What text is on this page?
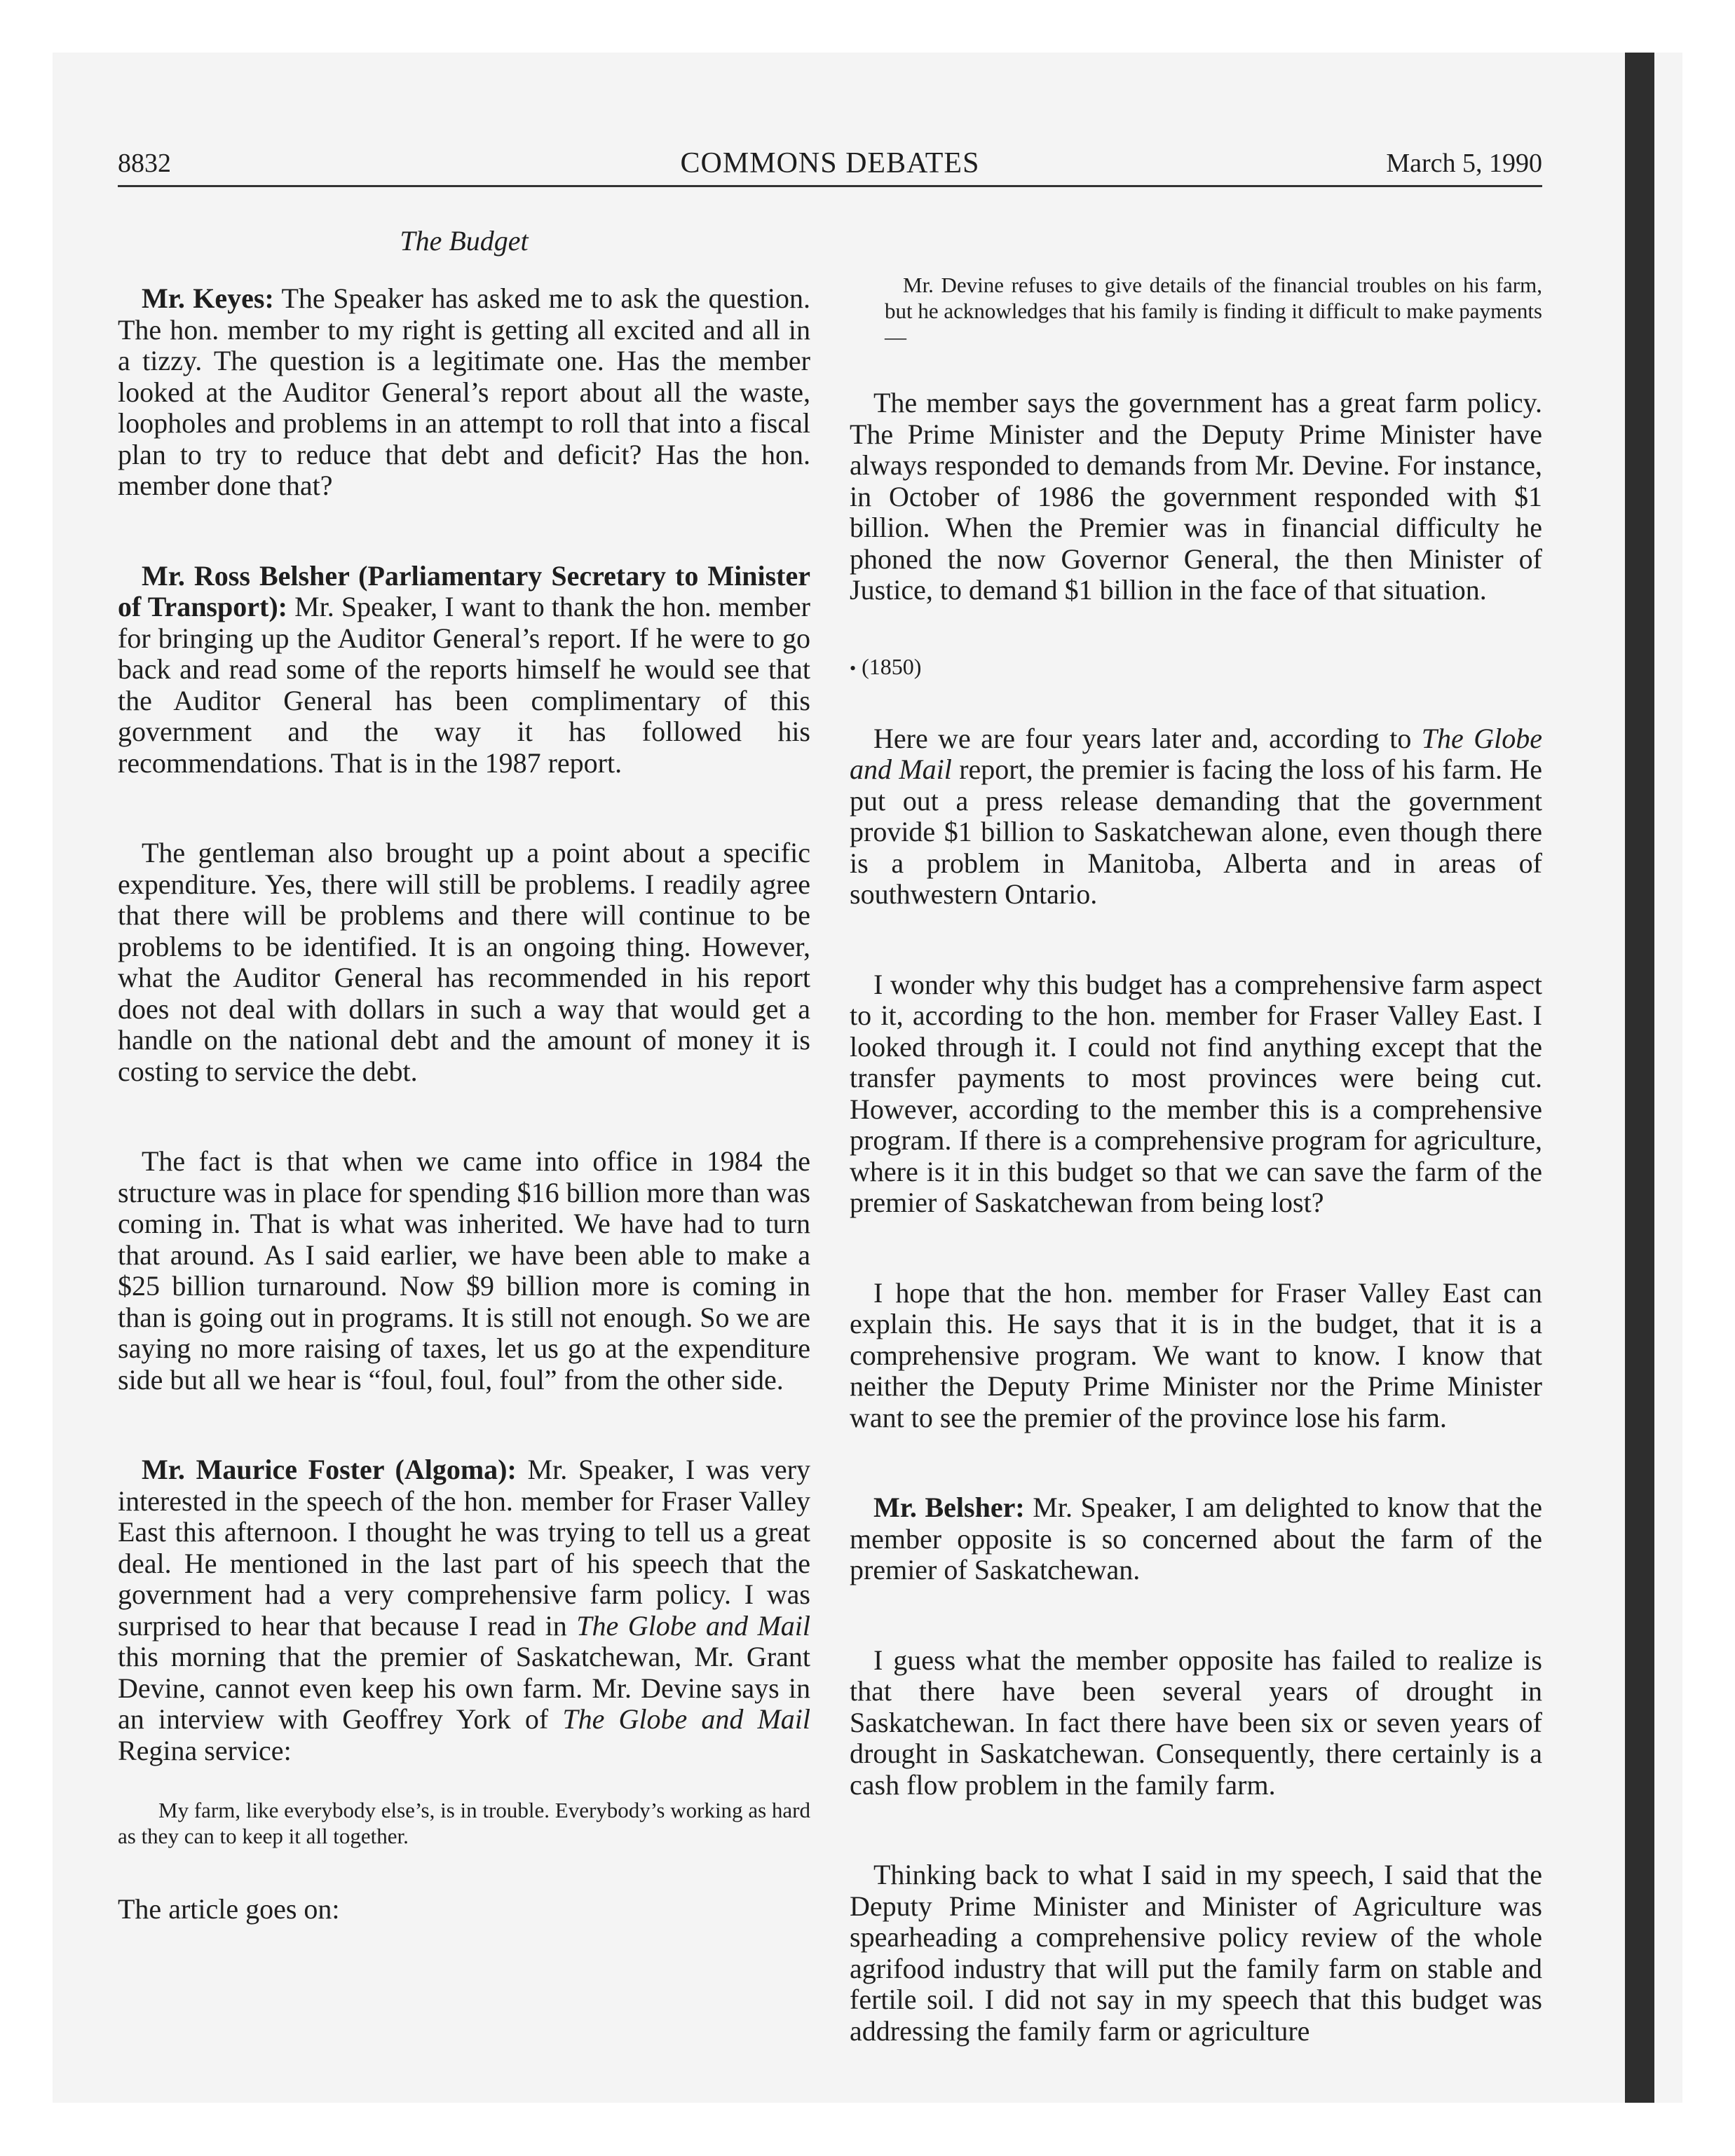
8832	COMMONS DEBATES	March 5, 1990
The Budget

Mr. Keyes: The Speaker has asked me to ask the question. The hon. member to my right is getting all excited and all in a tizzy. The question is a legitimate one. Has the member looked at the Auditor General’s report about all the waste, loopholes and problems in an attempt to roll that into a fiscal plan to try to reduce that debt and deficit? Has the hon. member done that?

Mr. Ross Belsher (Parliamentary Secretary to Minister of Transport): Mr. Speaker, I want to thank the hon. member for bringing up the Auditor General’s report. If he were to go back and read some of the reports himself he would see that the Auditor General has been complimentary of this government and the way it has followed his recommendations. That is in the 1987 report.

The gentleman also brought up a point about a specific expenditure. Yes, there will still be problems. I readily agree that there will be problems and there will continue to be problems to be identified. It is an ongoing thing. However, what the Auditor General has recommended in his report does not deal with dollars in such a way that would get a handle on the national debt and the amount of money it is costing to service the debt.

The fact is that when we came into office in 1984 the structure was in place for spending $16 billion more than was coming in. That is what was inherited. We have had to turn that around. As I said earlier, we have been able to make a $25 billion turnaround. Now $9 billion more is coming in than is going out in programs. It is still not enough. So we are saying no more raising of taxes, let us go at the expenditure side but all we hear is “foul, foul, foul” from the other side.

Mr. Maurice Foster (Algoma): Mr. Speaker, I was very interested in the speech of the hon. member for Fraser Valley East this afternoon. I thought he was trying to tell us a great deal. He mentioned in the last part of his speech that the government had a very comprehensive farm policy. I was surprised to hear that because I read in The Globe and Mail this morning that the premier of Saskatchewan, Mr. Grant Devine, cannot even keep his own farm. Mr. Devine says in an interview with Geoffrey York of The Globe and Mail Regina service:

My farm, like everybody else’s, is in trouble. Everybody’s working as hard as they can to keep it all together.

The article goes on:

Mr. Devine refuses to give details of the financial troubles on his farm, but he acknowledges that his family is finding it difficult to make payments—

The member says the government has a great farm policy. The Prime Minister and the Deputy Prime Minister have always responded to demands from Mr. Devine. For instance, in October of 1986 the government responded with $1 billion. When the Premier was in financial difficulty he phoned the now Governor General, the then Minister of Justice, to demand $1 billion in the face of that situation.

• (1850)

Here we are four years later and, according to The Globe and Mail report, the premier is facing the loss of his farm. He put out a press release demanding that the government provide $1 billion to Saskatchewan alone, even though there is a problem in Manitoba, Alberta and in areas of southwestern Ontario.

I wonder why this budget has a comprehensive farm aspect to it, according to the hon. member for Fraser Valley East. I looked through it. I could not find anything except that the transfer payments to most provinces were being cut. However, according to the member this is a comprehensive program. If there is a comprehensive program for agriculture, where is it in this budget so that we can save the farm of the premier of Saskatchewan from being lost?

I hope that the hon. member for Fraser Valley East can explain this. He says that it is in the budget, that it is a comprehensive program. We want to know. I know that neither the Deputy Prime Minister nor the Prime Minister want to see the premier of the province lose his farm.

Mr. Belsher: Mr. Speaker, I am delighted to know that the member opposite is so concerned about the farm of the premier of Saskatchewan.

I guess what the member opposite has failed to realize is that there have been several years of drought in Saskatchewan. In fact there have been six or seven years of drought in Saskatchewan. Consequently, there certainly is a cash flow problem in the family farm.

Thinking back to what I said in my speech, I said that the Deputy Prime Minister and Minister of Agriculture was spearheading a comprehensive policy review of the whole agrifood industry that will put the family farm on stable and fertile soil. I did not say in my speech that this budget was addressing the family farm or agriculture
